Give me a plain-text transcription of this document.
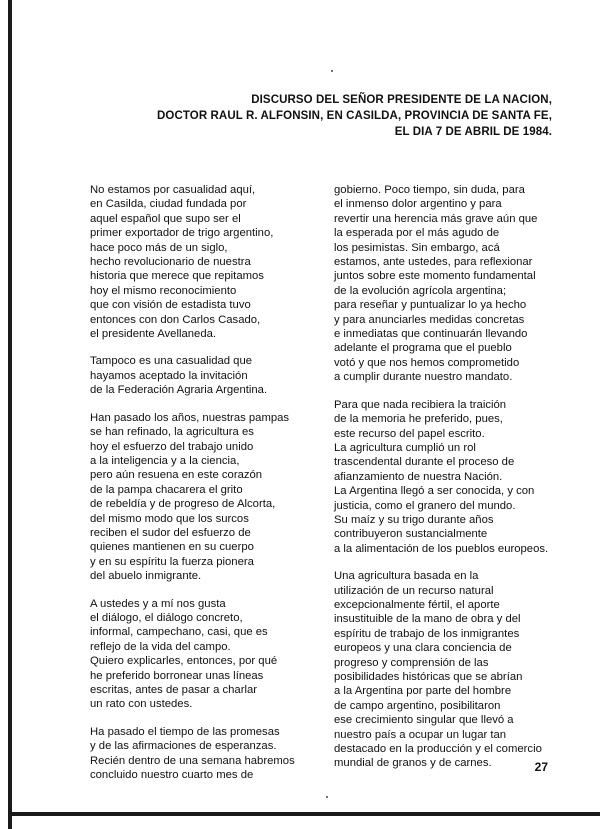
DISCURSO DEL SEÑOR PRESIDENTE DE LA NACION,
DOCTOR RAUL R. ALFONSIN, EN CASILDA, PROVINCIA DE SANTA FE,
EL DIA 7 DE ABRIL DE 1984.
No estamos por casualidad aquí,
en Casilda, ciudad fundada por
aquel español que supo ser el
primer exportador de trigo argentino,
hace poco más de un siglo,
hecho revolucionario de nuestra
historia que merece que repitamos
hoy el mismo reconocimiento
que con visión de estadista tuvo
entonces con don Carlos Casado,
el presidente Avellaneda.
Tampoco es una casualidad que
hayamos aceptado la invitación
de la Federación Agraria Argentina.
Han pasado los años, nuestras pampas
se han refinado, la agricultura es
hoy el esfuerzo del trabajo unido
a la inteligencia y a la ciencia,
pero aún resuena en este corazón
de la pampa chacarera el grito
de rebeldía y de progreso de Alcorta,
del mismo modo que los surcos
reciben el sudor del esfuerzo de
quienes mantienen en su cuerpo
y en su espíritu la fuerza pionera
del abuelo inmigrante.
A ustedes y a mí nos gusta
el diálogo, el diálogo concreto,
informal, campechano, casi, que es
reflejo de la vida del campo.
Quiero explicarles, entonces, por qué
he preferido borronear unas líneas
escritas, antes de pasar a charlar
un rato con ustedes.
Ha pasado el tiempo de las promesas
y de las afirmaciones de esperanzas.
Recién dentro de una semana habremos
concluido nuestro cuarto mes de
gobierno. Poco tiempo, sin duda, para
el inmenso dolor argentino y para
revertir una herencia más grave aún que
la esperada por el más agudo de
los pesimistas. Sin embargo, acá
estamos, ante ustedes, para reflexionar
juntos sobre este momento fundamental
de la evolución agrícola argentina;
para reseñar y puntualizar lo ya hecho
y para anunciarles medidas concretas
e inmediatas que continuarán llevando
adelante el programa que el pueblo
votó y que nos hemos comprometido
a cumplir durante nuestro mandato.
Para que nada recibiera la traición
de la memoria he preferido, pues,
este recurso del papel escrito.
La agricultura cumplió un rol
trascendental durante el proceso de
afianzamiento de nuestra Nación.
La Argentina llegó a ser conocida, y con
justicia, como el granero del mundo.
Su maíz y su trigo durante años
contribuyeron sustancialmente
a la alimentación de los pueblos europeos.
Una agricultura basada en la
utilización de un recurso natural
excepcionalmente fértil, el aporte
insustituible de la mano de obra y del
espíritu de trabajo de los inmigrantes
europeos y una clara conciencia de
progreso y comprensión de las
posibilidades históricas que se abrían
a la Argentina por parte del hombre
de campo argentino, posibilitaron
ese crecimiento singular que llevó a
nuestro país a ocupar un lugar tan
destacado en la producción y el comercio
mundial de granos y de carnes.	27
